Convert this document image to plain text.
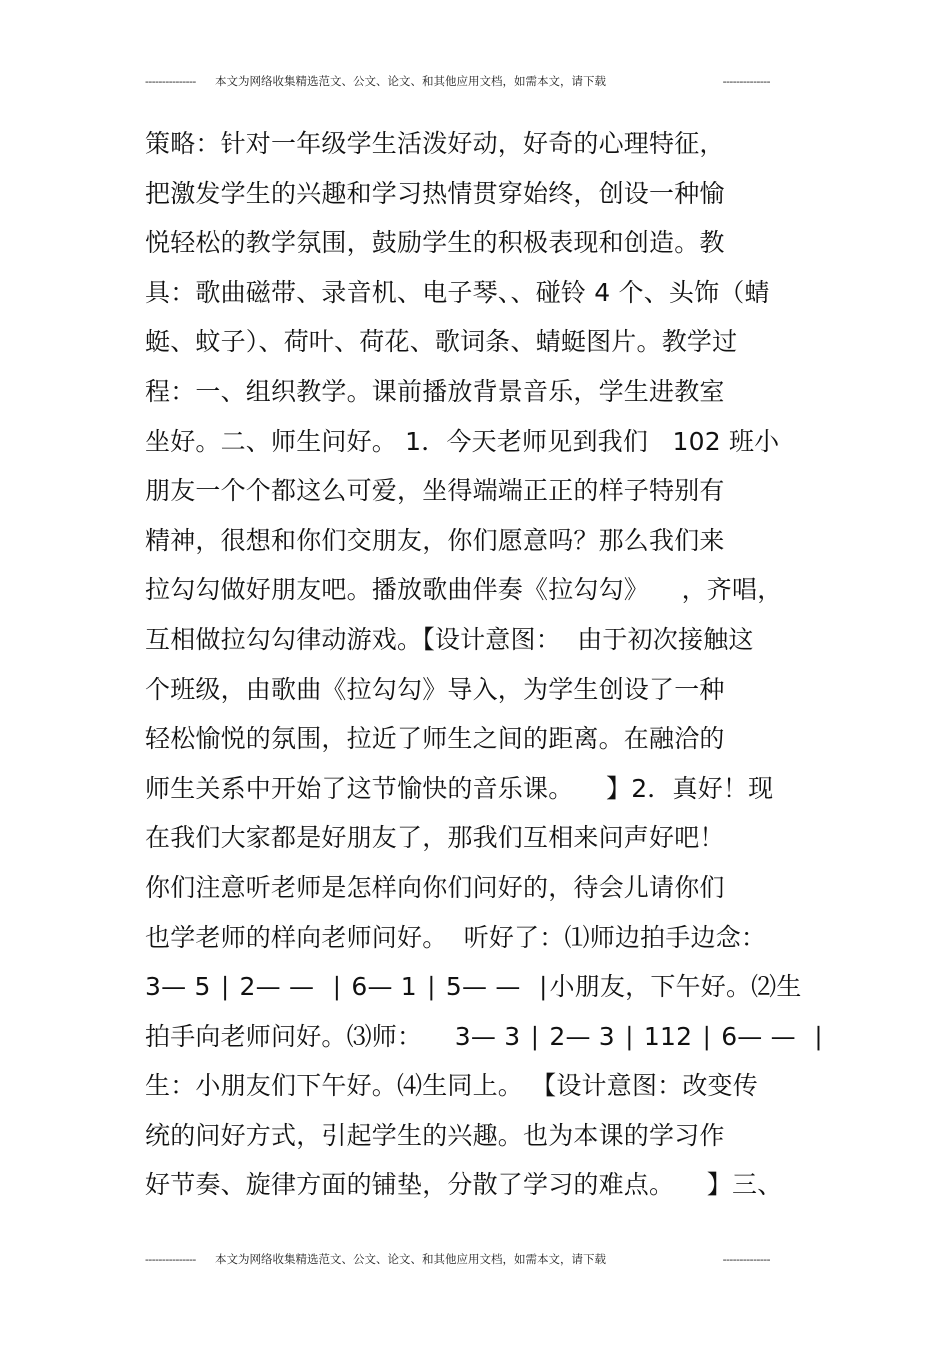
---------------	本文为网络收集精选范文、公文、论文、和其他应用文档，如需本文，请下载	--------------
策略：针对一年级学生活泼好动，好奇的心理特征，
把激发学生的兴趣和学习热情贯穿始终，创设一种愉
悦轻松的教学氛围，鼓励学生的积极表现和创造。教
具：歌曲磁带、录音机、电子琴、、碰铃 4 个、头饰（蜻
蜓、蚊子）、荷叶、荷花、歌词条、蜻蜓图片。教学过
程：一、组织教学。课前播放背景音乐，学生进教室
坐好。二、师生问好。 1．今天老师见到我们   102 班小
朋友一个个都这么可爱，坐得端端正正的样子特别有
精神，很想和你们交朋友，你们愿意吗？那么我们来
拉勾勾做好朋友吧。播放歌曲伴奏《拉勾勾》    ，齐唱，
互相做拉勾勾律动游戏。【设计意图：  由于初次接触这
个班级，由歌曲《拉勾勾》导入，为学生创设了一种
轻松愉悦的氛围，拉近了师生之间的距离。在融洽的
师生关系中开始了这节愉快的音乐课。    】2．真好！现
在我们大家都是好朋友了，那我们互相来问声好吧！
你们注意听老师是怎样向你们问好的，待会儿请你们
也学老师的样向老师问好。  听好了：⑴师边拍手边念：
3— 5 ∣ 2— —  ∣ 6— 1 ∣ 5— —  ∣小朋友，下午好。⑵生
拍手向老师问好。⑶师：    3— 3 ∣ 2— 3 ∣ 112 ∣ 6— —  ∣
生：小朋友们下午好。⑷生同上。 【设计意图：改变传
统的问好方式，引起学生的兴趣。也为本课的学习作
好节奏、旋律方面的铺垫，分散了学习的难点。    】三、
---------------	本文为网络收集精选范文、公文、论文、和其他应用文档，如需本文，请下载	--------------
